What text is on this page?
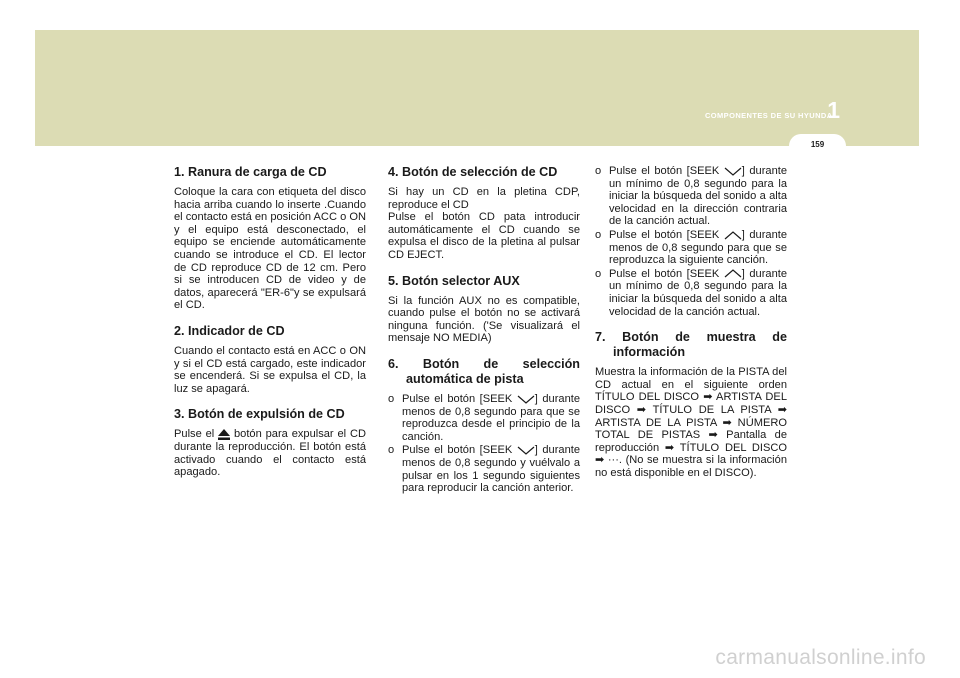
COMPONENTES DE SU HYUNDAI
1
159
1. Ranura de carga de CD

Coloque la cara con etiqueta del disco hacia arriba cuando lo inserte .Cuando el contacto está en posición ACC o ON y el equipo está desconectado, el equipo se enciende automáticamente cuando se introduce el CD. El lector de CD reproduce CD de 12 cm. Pero si se introducen CD de video y de datos, aparecerá "ER-6"y se expulsará el CD.

2. Indicador de CD

Cuando el contacto está en ACC o ON y si el CD está cargado, este indicador se encenderá. Si se expulsa el CD, la luz se apagará.

3. Botón de expulsión de CD

Pulse el botón para expulsar el CD durante la reproducción. El botón está activado cuando el contacto está apagado.

4. Botón de selección de CD

Si hay un CD en la pletina CDP, reproduce el CD
Pulse el botón CD pata introducir automáticamente el CD cuando se expulsa el disco de la pletina al pulsar CD EJECT.

5. Botón selector AUX

Si la función AUX no es compatible, cuando pulse el botón no se activará ninguna función. ('Se visualizará el mensaje NO MEDIA)

6. Botón de selección
automática de pista
o Pulse el botón [SEEK ] durante menos de 0,8 segundo para que se reproduzca desde el principio de la canción.
o Pulse el botón [SEEK ] durante menos de 0,8 segundo y vuélvalo a pulsar en los 1 segundo siguientes para reproducir la canción anterior.
o Pulse el botón [SEEK ] durante un mínimo de 0,8 segundo para la iniciar la búsqueda del sonido a alta velocidad en la dirección contraria de la canción actual.
o Pulse el botón [SEEK ] durante menos de 0,8 segundo para que se reproduzca la siguiente canción.
o Pulse el botón [SEEK ] durante un mínimo de 0,8 segundo para la iniciar la búsqueda del sonido a alta velocidad de la canción actual.
7. Botón de muestra de
información

Muestra la información de la PISTA del CD actual en el siguiente orden TÍTULO DEL DISCO ➡ ARTISTA DEL DISCO ➡ TÍTULO DE LA PISTA ➡ ARTISTA DE LA PISTA ➡ NÚMERO TOTAL DE PISTAS ➡ Pantalla de reproducción ➡ TÍTULO DEL DISCO ➡ ···. (No se muestra si la información no está disponible en el DISCO).

carmanualsonline.info
